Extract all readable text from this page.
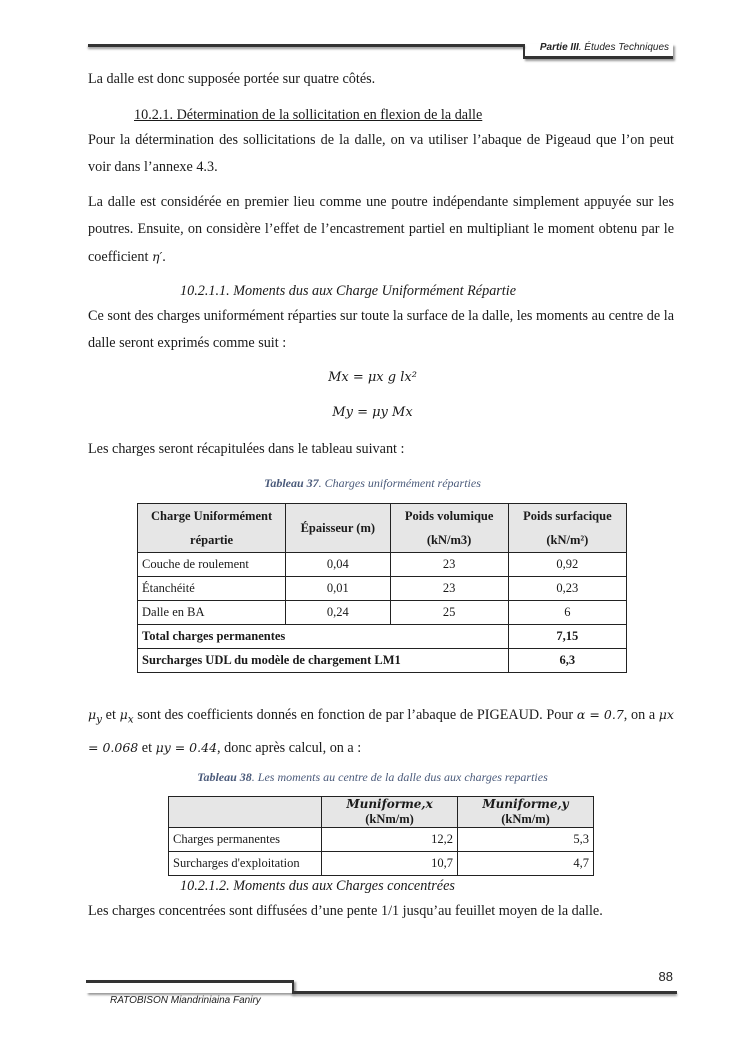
Partie III. Études Techniques

La dalle est donc supposée portée sur quatre côtés.

10.2.1. Détermination de la sollicitation en flexion de la dalle

Pour la détermination des sollicitations de la dalle, on va utiliser l’abaque de Pigeaud que l’on peut voir dans l’annexe 4.3.

La dalle est considérée en premier lieu comme une poutre indépendante simplement appuyée sur les poutres. Ensuite, on considère l’effet de l’encastrement partiel en multipliant le moment obtenu par le coefficient η′.

10.2.1.1. Moments dus aux Charge Uniformément Répartie

Ce sont des charges uniformément réparties sur toute la surface de la dalle, les moments au centre de la dalle seront exprimés comme suit :

Mx = μx g lx²
My = μy Mx

Les charges seront récapitulées dans le tableau suivant :

Tableau 37. Charges uniformément réparties
Charge Uniformément répartie	Épaisseur (m)	Poids volumique (kN/m3)	Poids surfacique (kN/m²)
Couche de roulement	0,04	23	0,92
Étanchéité	0,01	23	0,23
Dalle en BA	0,24	25	6
Total charges permanentes			7,15
Surcharges UDL du modèle de chargement LM1			6,3

$\mu_y$ et $\mu_x$ sont des coefficients donnés en fonction de par l’abaque de PIGEAUD. Pour α = 0.7, on a μx = 0.068 et μy = 0.44, donc après calcul, on a :

Tableau 38. Les moments au centre de la dalle dus aux charges reparties
	Muniforme,x (kNm/m)	Muniforme,y (kNm/m)
Charges permanentes	12,2	5,3
Surcharges d'exploitation	10,7	4,7
10.2.1.2. Moments dus aux Charges concentrées

Les charges concentrées sont diffusées d’une pente 1/1 jusqu’au feuillet moyen de la dalle.

88
RATOBISON Miandriniaina Faniry
